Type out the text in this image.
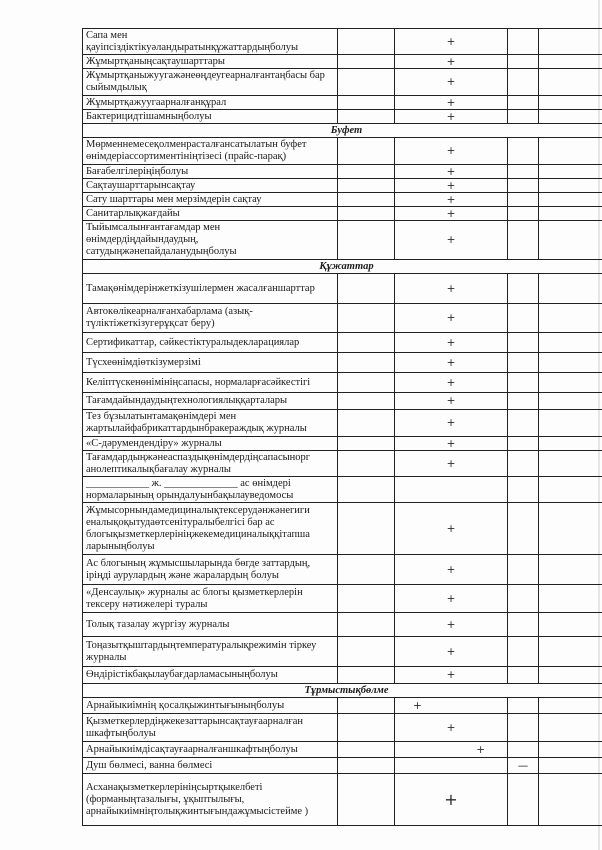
Сапа мен қауіпсіздіктікуәландыратынқұжаттардыңболуы		+		
Жұмыртқаныңсақтаушарттары		+		
Жұмыртқаныжуугажәнеөңдеугеарналғантаңбасы бар сыйымдылық		+		
Жұмыртқажуугаарналғанқұрал		+		
Бактерицидтішамныңболуы		+		
Буфет				
Мөрменнемесеқолменрасталғансатылатын буфет өнімдеріассортиментініңтізесі (прайс-парақ)		+		
Бағабелгілеріңіңболуы		+		
Сақтаушарттарынсақтау		+		
Сату шарттары мен мерзімдерін сақтау		+		
Санитарлықжағдайы		+		
Тыйымсалынғантағамдар мен өнімдердіңдайындаудың, сатудыңжәнепайдаланудыңболуы		+		
Құжаттар				
Тамақөнімдерінжеткізушілермен жасалғаншарттар		+		
Автокөлікеарналғанхабарлама (азық-түліктіжеткізугерұқсат беру)		+		
Сертификаттар, сәйкестіктуралыдекларациялар		+		
Түсхеөнімдіөткізумерзімі		+		
Келіптүскенөнімініңсапасы, нормаларғасәйкестігі		+		
Тағамдайындаудыңтехнологиялыққарталары		+		
Тез бұзылатынтамақөнімдері мен жартылайфабрикаттардынбракераждық журналы		+		
«С-дәрумендендіру» журналы		+		
Тағамдардыңжәнеаспаздықөнімдердіңсапасынорг анолептикалықбағалау журналы		+		
____________ ж. ______________ ас өнімдері нормаларының орындалуынбақылауведомосы				
Жұмысорнындамедициналықтексерудәнжәнегиги еналықоқытудаөтсенітуралыбелгісі бар ас блогықызметкерлерініңжекемедициналыққітапша ларыныңболуы		+		
Ас блогының жұмысшыларында бөгде заттардың, іріңді аурулардың және жаралардың болуы		+		
«Денсаулық» журналы ас блогы қызметкерлерін тексеру нәтижелері туралы		+		
Толық тазалау жүргізу журналы		+		
Тоңазытқыштардыңтемпературалықрежимін тіркеу журналы		+		
Өндірістікбақылаубағдарламасыныңболуы		+		
Тұрмыстықбөлме				
Арнайыкиімнің қосалқыжинтығыныңболуы		+		
Қызметкерлердіңжекезаттарынсақтауғаарналған шкафтыңболуы		+		
Арнайыкиімдісақтауғаарналғаншкафтыңболуы		+		
Душ бөлмесі, ванна бөлмесі			—	
Асханақызметкерлерініңсыртқыкелбеті (форманыңтазалығы, ұқыптылығы, арнайыкиімніңтолықжинтығындажұмысістейме )		+		
